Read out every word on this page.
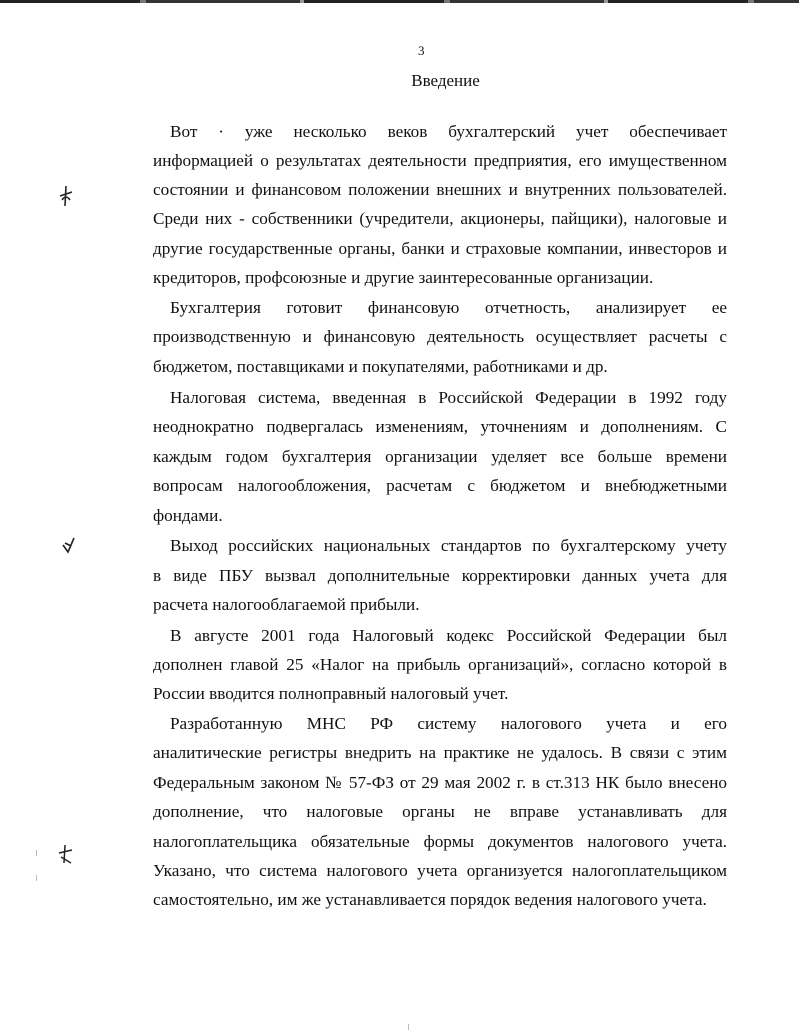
3
Введение
Вот · уже несколько веков бухгалтерский учет обеспечивает
информацией о результатах деятельности предприятия, его имущественном
состоянии и финансовом положении внешних и внутренних пользователей.
Среди них - собственники (учредители, акционеры, пайщики), налоговые и
другие государственные органы, банки и страховые компании, инвесторов и
кредиторов, профсоюзные и другие заинтересованные организации.
Бухгалтерия готовит финансовую отчетность, анализирует ее
производственную и финансовую деятельность осуществляет расчеты с
бюджетом, поставщиками и покупателями, работниками и др.
Налоговая система, введенная в Российской Федерации в 1992 году
неоднократно подвергалась изменениям, уточнениям и дополнениям. С
каждым годом бухгалтерия организации уделяет все больше времени
вопросам налогообложения, расчетам с бюджетом и внебюджетными
фондами.
Выход российских национальных стандартов по бухгалтерскому учету
в виде ПБУ вызвал дополнительные корректировки данных учета для
расчета налогооблагаемой прибыли.
В августе 2001 года Налоговый кодекс Российской Федерации был
дополнен главой 25 «Налог на прибыль организаций», согласно которой в
России вводится полноправный налоговый учет.
Разработанную МНС РФ систему налогового учета и его
аналитические регистры внедрить на практике не удалось. В связи с этим
Федеральным законом № 57-ФЗ от 29 мая 2002 г. в ст.313 НК было внесено
дополнение, что налоговые органы не вправе устанавливать для
налогоплательщика обязательные формы документов налогового учета.
Указано, что система налогового учета организуется налогоплательщиком
самостоятельно, им же устанавливается порядок ведения налогового учета.
